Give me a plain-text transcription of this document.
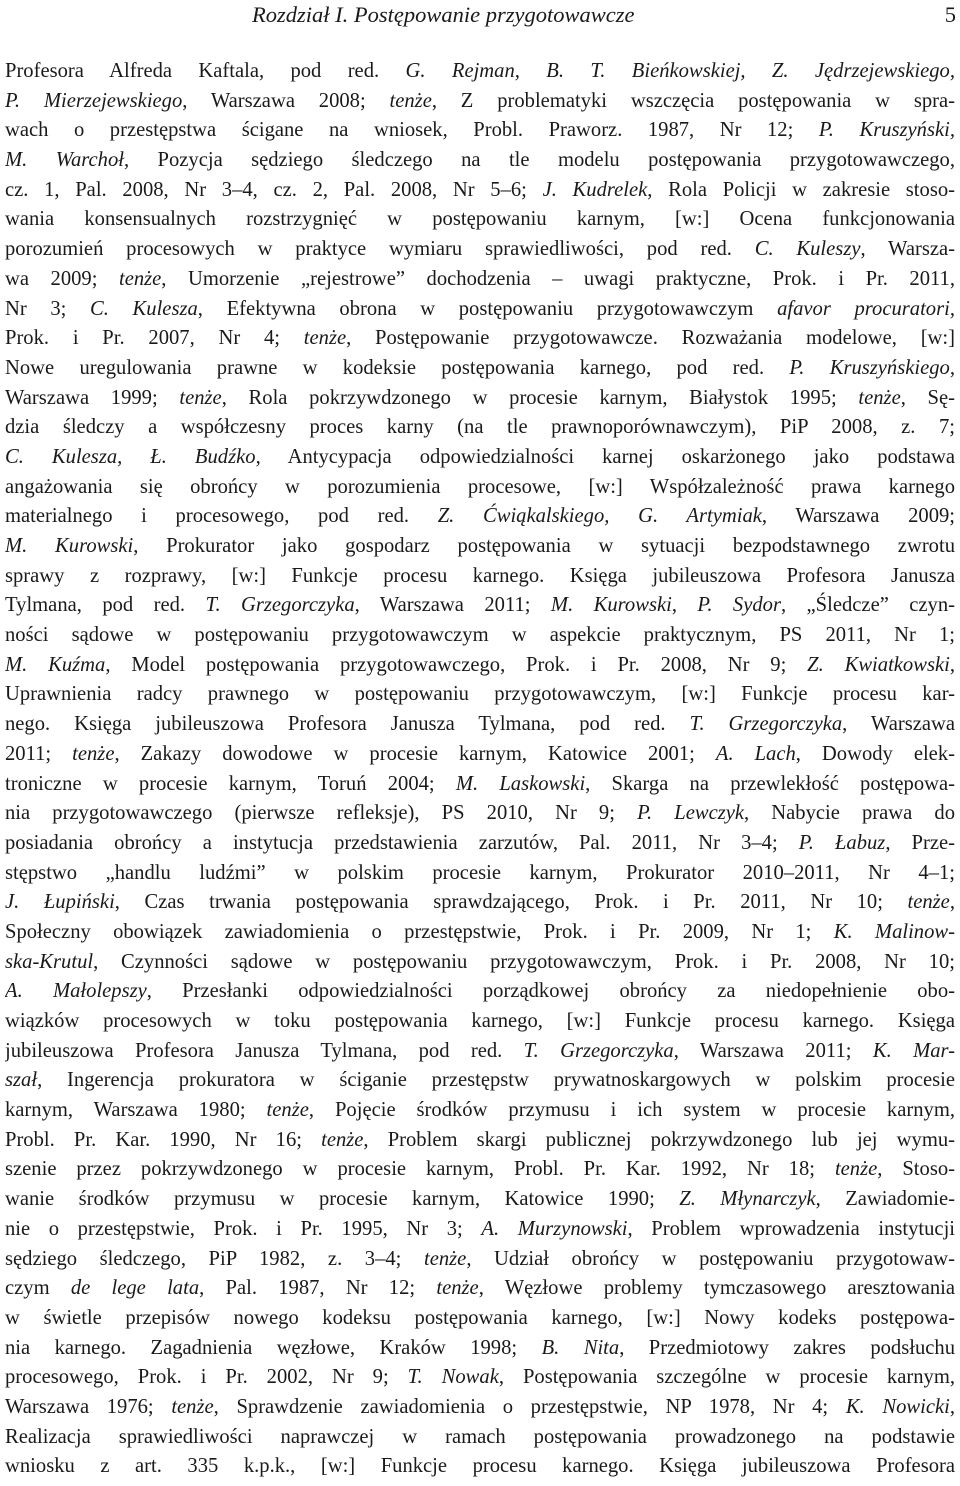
Rozdział I. Postępowanie przygotowawcze	5
Profesora Alfreda Kaftala, pod red. G. Rejman, B. T. Bieńkowskiej, Z. Jędrzejewskiego,
P. Mierzejewskiego, Warszawa 2008; tenże, Z problematyki wszczęcia postępowania w spra-
wach o przestępstwa ścigane na wniosek, Probl. Praworz. 1987, Nr 12; P. Kruszyński,
M. Warchoł, Pozycja sędziego śledczego na tle modelu postępowania przygotowawczego,
cz. 1, Pal. 2008, Nr 3–4, cz. 2, Pal. 2008, Nr 5–6; J. Kudrelek, Rola Policji w zakresie stoso-
wania konsensualnych rozstrzygnięć w postępowaniu karnym, [w:] Ocena funkcjonowania
porozumień procesowych w praktyce wymiaru sprawiedliwości, pod red. C. Kuleszy, Warsza-
wa 2009; tenże, Umorzenie „rejestrowe” dochodzenia – uwagi praktyczne, Prok. i Pr. 2011,
Nr 3; C. Kulesza, Efektywna obrona w postępowaniu przygotowawczym afavor procuratori,
Prok. i Pr. 2007, Nr 4; tenże, Postępowanie przygotowawcze. Rozważania modelowe, [w:]
Nowe uregulowania prawne w kodeksie postępowania karnego, pod red. P. Kruszyńskiego,
Warszawa 1999; tenże, Rola pokrzywdzonego w procesie karnym, Białystok 1995; tenże, Sę-
dzia śledczy a współczesny proces karny (na tle prawnoporównawczym), PiP 2008, z. 7;
C. Kulesza, Ł. Budźko, Antycypacja odpowiedzialności karnej oskarżonego jako podstawa
angażowania się obrońcy w porozumienia procesowe, [w:] Współzależność prawa karnego
materialnego i procesowego, pod red. Z. Ćwiąkalskiego, G. Artymiak, Warszawa 2009;
M. Kurowski, Prokurator jako gospodarz postępowania w sytuacji bezpodstawnego zwrotu
sprawy z rozprawy, [w:] Funkcje procesu karnego. Księga jubileuszowa Profesora Janusza
Tylmana, pod red. T. Grzegorczyka, Warszawa 2011; M. Kurowski, P. Sydor, „Śledcze” czyn-
ności sądowe w postępowaniu przygotowawczym w aspekcie praktycznym, PS 2011, Nr 1;
M. Kuźma, Model postępowania przygotowawczego, Prok. i Pr. 2008, Nr 9; Z. Kwiatkowski,
Uprawnienia radcy prawnego w postępowaniu przygotowawczym, [w:] Funkcje procesu kar-
nego. Księga jubileuszowa Profesora Janusza Tylmana, pod red. T. Grzegorczyka, Warszawa
2011; tenże, Zakazy dowodowe w procesie karnym, Katowice 2001; A. Lach, Dowody elek-
troniczne w procesie karnym, Toruń 2004; M. Laskowski, Skarga na przewlekłość postępowa-
nia przygotowawczego (pierwsze refleksje), PS 2010, Nr 9; P. Lewczyk, Nabycie prawa do
posiadania obrońcy a instytucja przedstawienia zarzutów, Pal. 2011, Nr 3–4; P. Łabuz, Prze-
stępstwo „handlu ludźmi” w polskim procesie karnym, Prokurator 2010–2011, Nr 4–1;
J. Łupiński, Czas trwania postępowania sprawdzającego, Prok. i Pr. 2011, Nr 10; tenże,
Społeczny obowiązek zawiadomienia o przestępstwie, Prok. i Pr. 2009, Nr 1; K. Malinow-
ska-Krutul, Czynności sądowe w postępowaniu przygotowawczym, Prok. i Pr. 2008, Nr 10;
A. Małolepszy, Przesłanki odpowiedzialności porządkowej obrońcy za niedopełnienie obo-
wiązków procesowych w toku postępowania karnego, [w:] Funkcje procesu karnego. Księga
jubileuszowa Profesora Janusza Tylmana, pod red. T. Grzegorczyka, Warszawa 2011; K. Mar-
szał, Ingerencja prokuratora w ściganie przestępstw prywatnoskargowych w polskim procesie
karnym, Warszawa 1980; tenże, Pojęcie środków przymusu i ich system w procesie karnym,
Probl. Pr. Kar. 1990, Nr 16; tenże, Problem skargi publicznej pokrzywdzonego lub jej wymu-
szenie przez pokrzywdzonego w procesie karnym, Probl. Pr. Kar. 1992, Nr 18; tenże, Stoso-
wanie środków przymusu w procesie karnym, Katowice 1990; Z. Młynarczyk, Zawiadomie-
nie o przestępstwie, Prok. i Pr. 1995, Nr 3; A. Murzynowski, Problem wprowadzenia instytucji
sędziego śledczego, PiP 1982, z. 3–4; tenże, Udział obrońcy w postępowaniu przygotowaw-
czym de lege lata, Pal. 1987, Nr 12; tenże, Węzłowe problemy tymczasowego aresztowania
w świetle przepisów nowego kodeksu postępowania karnego, [w:] Nowy kodeks postępowa-
nia karnego. Zagadnienia węzłowe, Kraków 1998; B. Nita, Przedmiotowy zakres podsłuchu
procesowego, Prok. i Pr. 2002, Nr 9; T. Nowak, Postępowania szczególne w procesie karnym,
Warszawa 1976; tenże, Sprawdzenie zawiadomienia o przestępstwie, NP 1978, Nr 4; K. Nowicki,
Realizacja sprawiedliwości naprawczej w ramach postępowania prowadzonego na podstawie
wniosku z art. 335 k.p.k., [w:] Funkcje procesu karnego. Księga jubileuszowa Profesora
